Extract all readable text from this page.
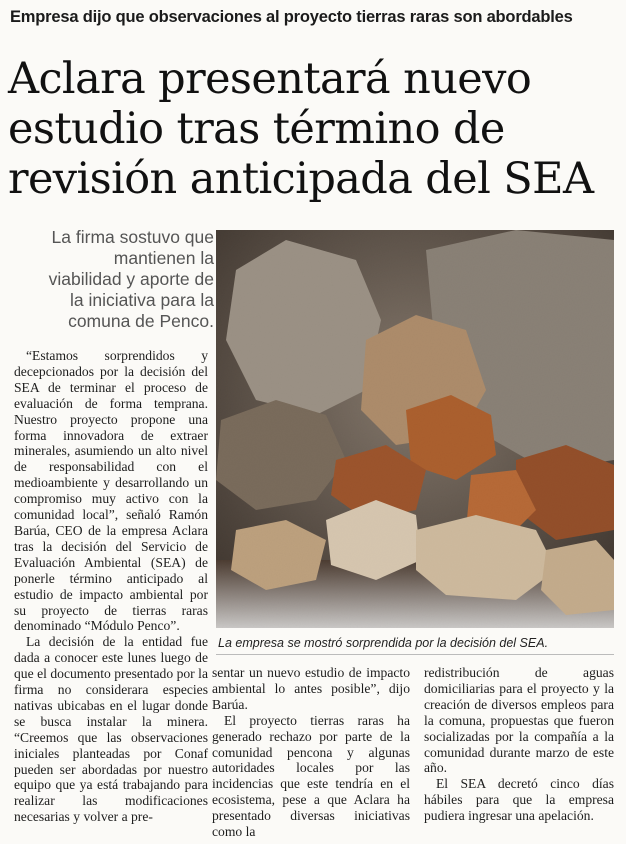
Empresa dijo que observaciones al proyecto tierras raras son abordables
Aclara presentará nuevo
estudio tras término de
revisión anticipada del SEA
La firma sostuvo que
mantienen la
viabilidad y aporte de
la iniciativa para la
comuna de Penco.

“Estamos sorprendidos y decepcionados por la decisión del SEA de terminar el proceso de evaluación de forma temprana. Nuestro proyecto propone una forma innovadora de extraer minerales, asumiendo un alto nivel de responsabilidad con el medioambiente y desarrollando un compromiso muy activo con la comunidad local”, señaló Ramón Barúa, CEO de la empresa Aclara tras la decisión del Servicio de Evaluación Ambiental (SEA) de ponerle término anticipado al estudio de impacto ambiental por su proyecto de tierras raras denominado “Módulo Penco”.

La decisión de la entidad fue dada a conocer este lunes luego de que el documento presentado por la firma no considerara especies nativas ubicabas en el lugar donde se busca instalar la minera. “Creemos que las observaciones iniciales planteadas por Conaf pueden ser abordadas por nuestro equipo que ya está trabajando para realizar las modificaciones necesarias y volver a pre-

La empresa se mostró sorprendida por la decisión del SEA.

sentar un nuevo estudio de impacto ambiental lo antes posible”, dijo Barúa.

El proyecto tierras raras ha generado rechazo por parte de la comunidad pencona y algunas autoridades locales por las incidencias que este tendría en el ecosistema, pese a que Aclara ha presentado diversas iniciativas como la

redistribución de aguas domiciliarias para el proyecto y la creación de diversos empleos para la comuna, propuestas que fueron socializadas por la compañía a la comunidad durante marzo de este año.

El SEA decretó cinco días hábiles para que la empresa pudiera ingresar una apelación.
